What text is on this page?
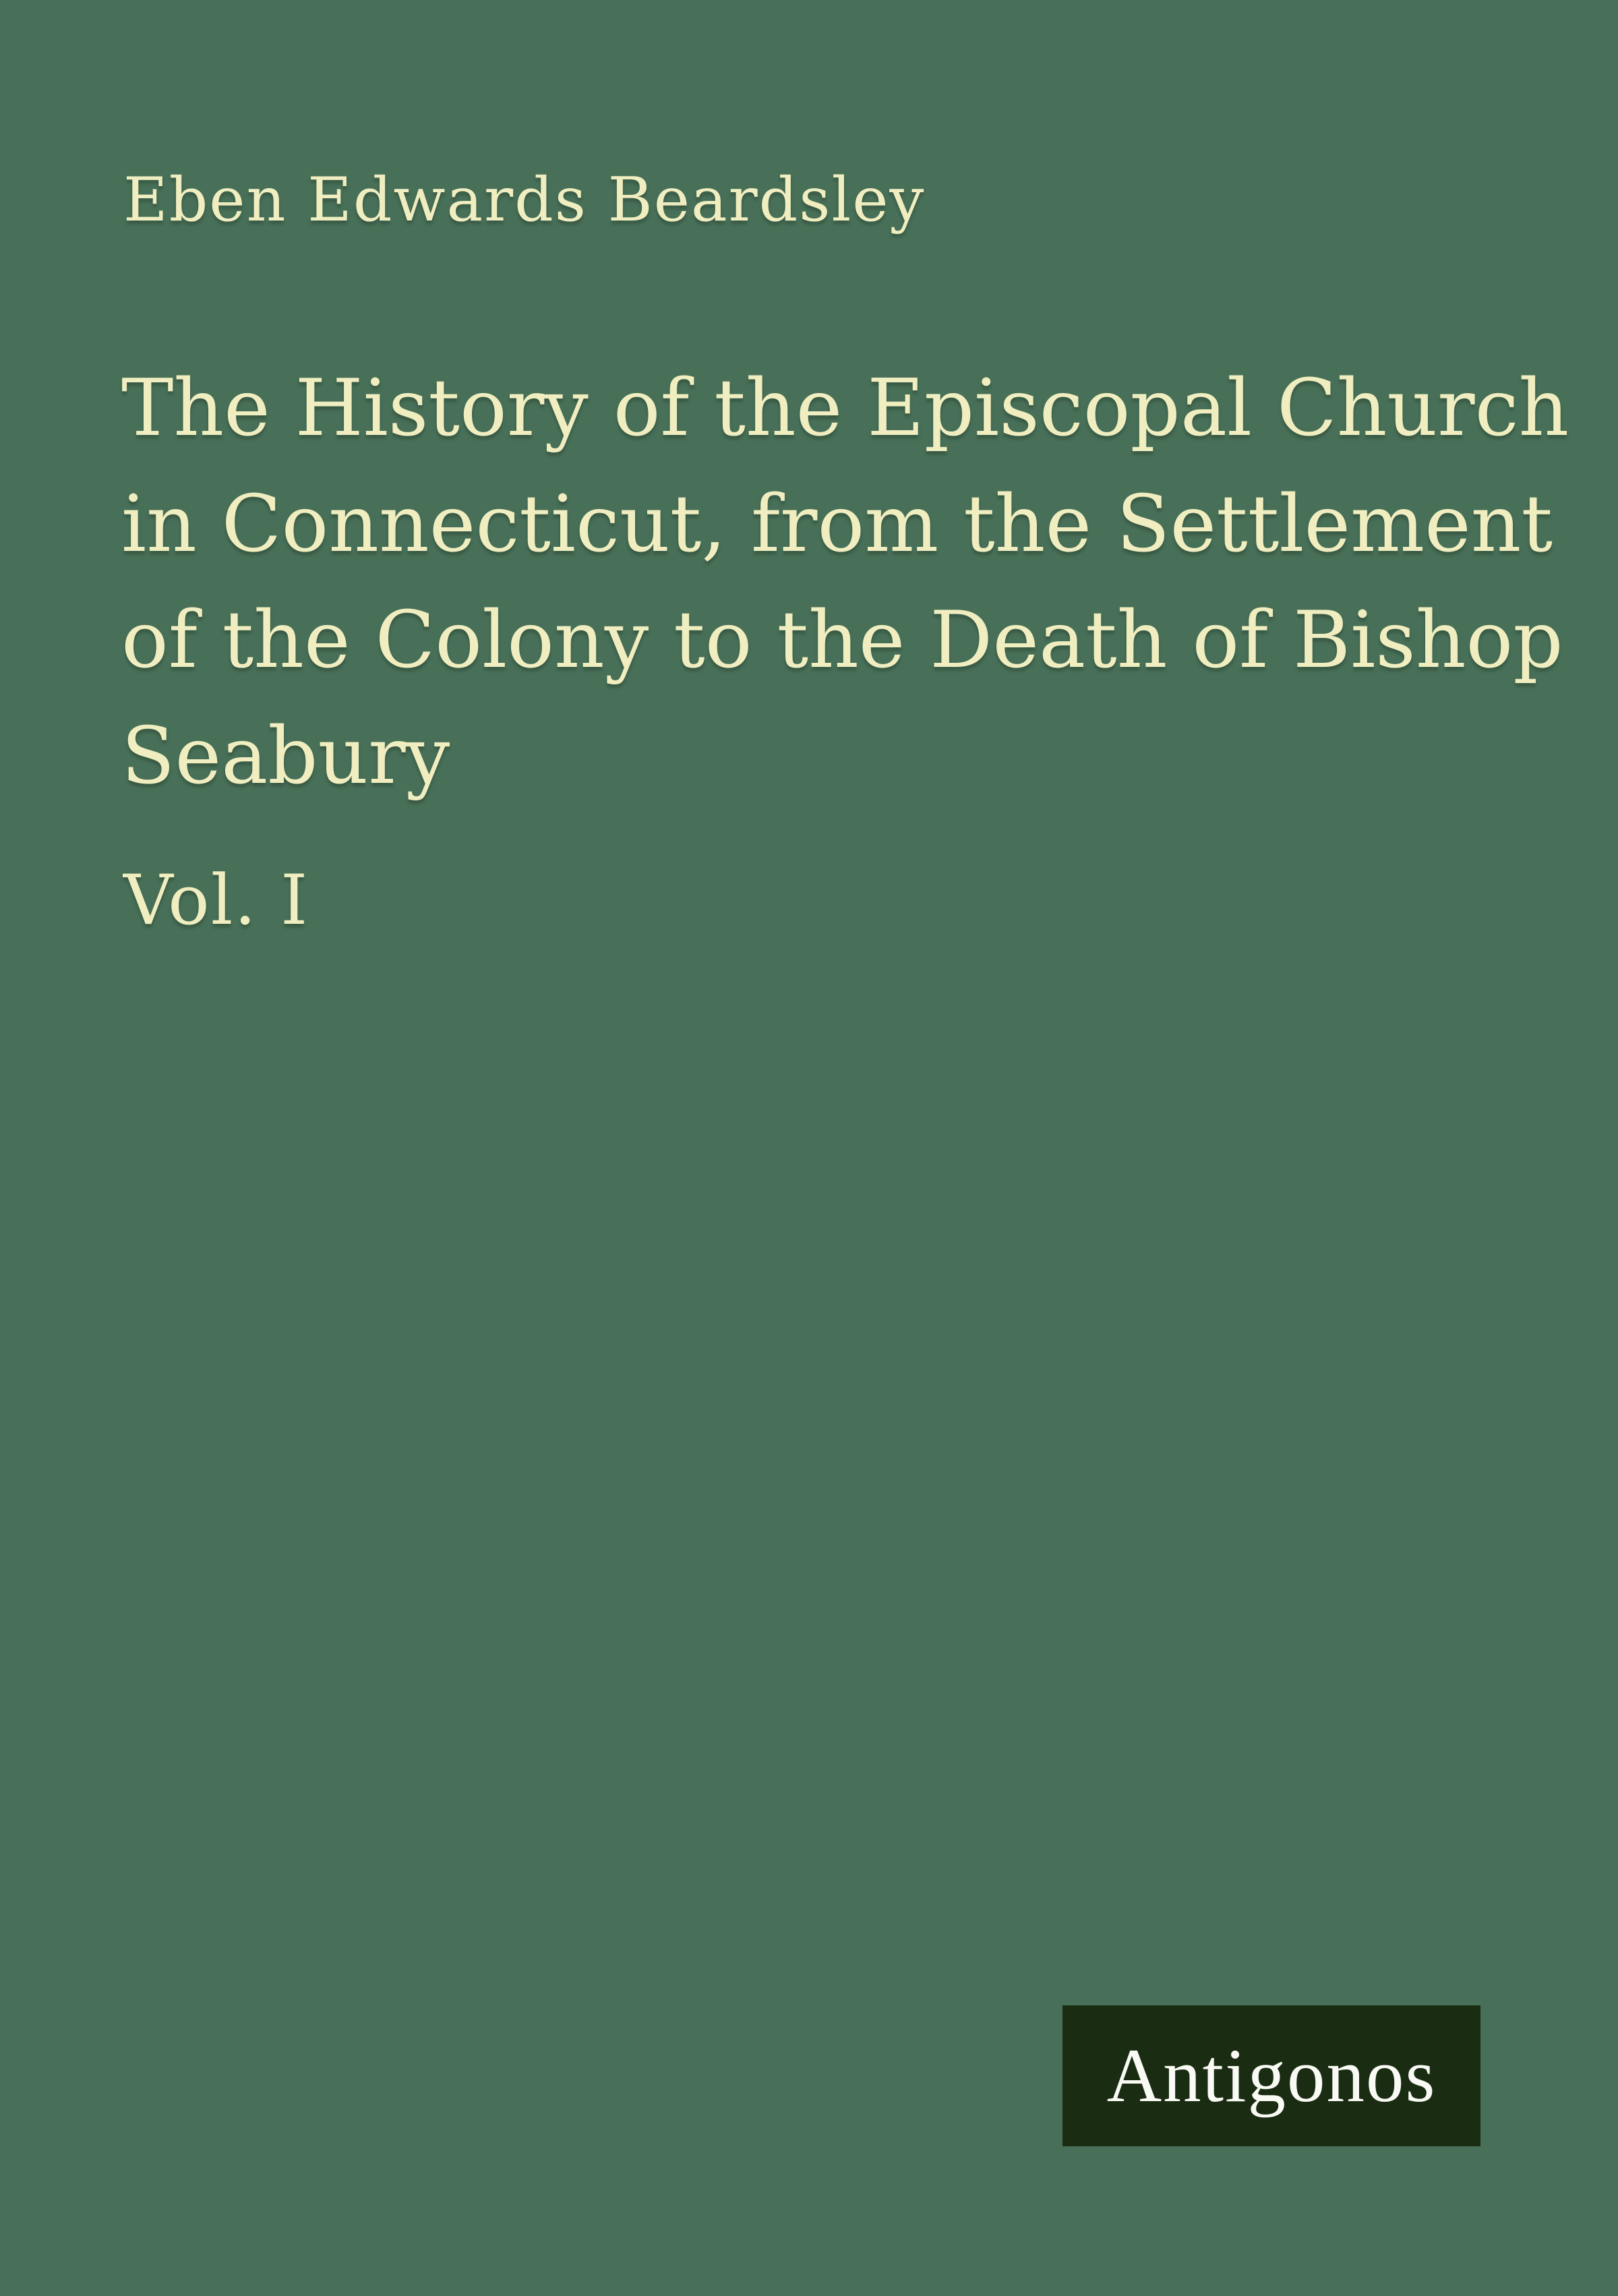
Eben Edwards Beardsley
The History of the Episcopal Church
in Connecticut, from the Settlement
of the Colony to the Death of Bishop
Seabury
Vol. I
Antigonos
